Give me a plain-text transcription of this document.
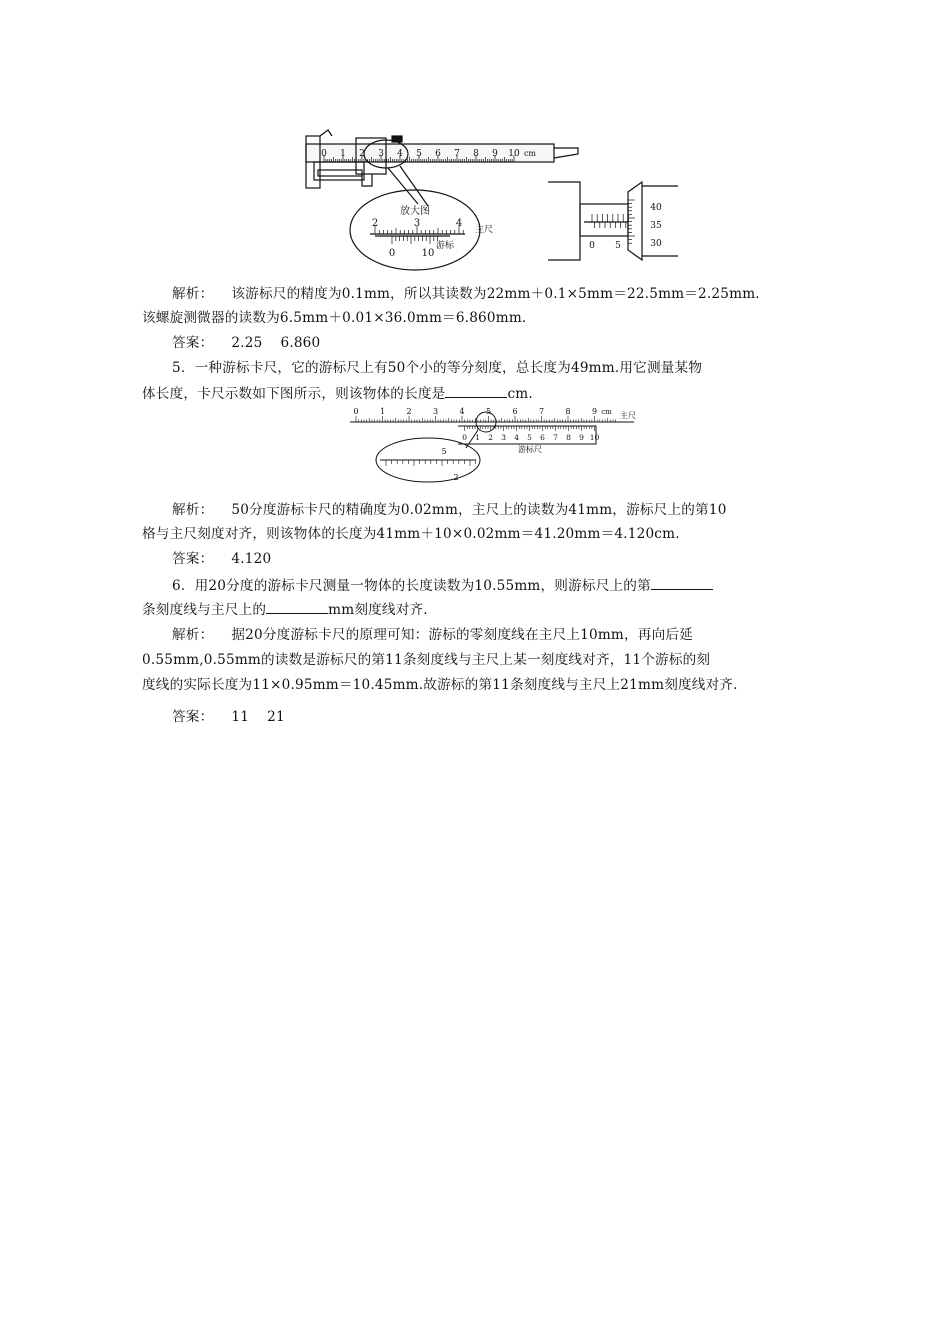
0 1 2 3 4 5 6 7 8 9 10 cm
放大图
2	3	4
主尺
0	10
游标	0 5
40
35
30
解析： 该游标尺的精度为0.1mm，所以其读数为22mm＋0.1×5mm＝22.5mm＝2.25mm.
该螺旋测微器的读数为6.5mm＋0.01×36.0mm＝6.860mm.
答案： 2.25 6.860
5．一种游标卡尺，它的游标尺上有50个小的等分刻度，总长度为49mm.用它测量某物
体长度，卡尺示数如下图所示，则该物体的长度是	cm.
0	1	2	3	4	5	6	7	8	9 cm 主尺
0 1 2 3 4 5 6 7 8 9 10
游标尺
5
2
解析： 50分度游标卡尺的精确度为0.02mm，主尺上的读数为41mm，游标尺上的第10
格与主尺刻度对齐，则该物体的长度为41mm＋10×0.02mm＝41.20mm＝4.120cm.
答案： 4.120
6．用20分度的游标卡尺测量一物体的长度读数为10.55mm，则游标尺上的第
条刻度线与主尺上的	mm刻度线对齐.
解析： 据20分度游标卡尺的原理可知：游标的零刻度线在主尺上10mm，再向后延
0.55mm,0.55mm的读数是游标尺的第11条刻度线与主尺上某一刻度线对齐，11个游标的刻
度线的实际长度为11×0.95mm＝10.45mm.故游标的第11条刻度线与主尺上21mm刻度线对齐.
答案： 11 21
